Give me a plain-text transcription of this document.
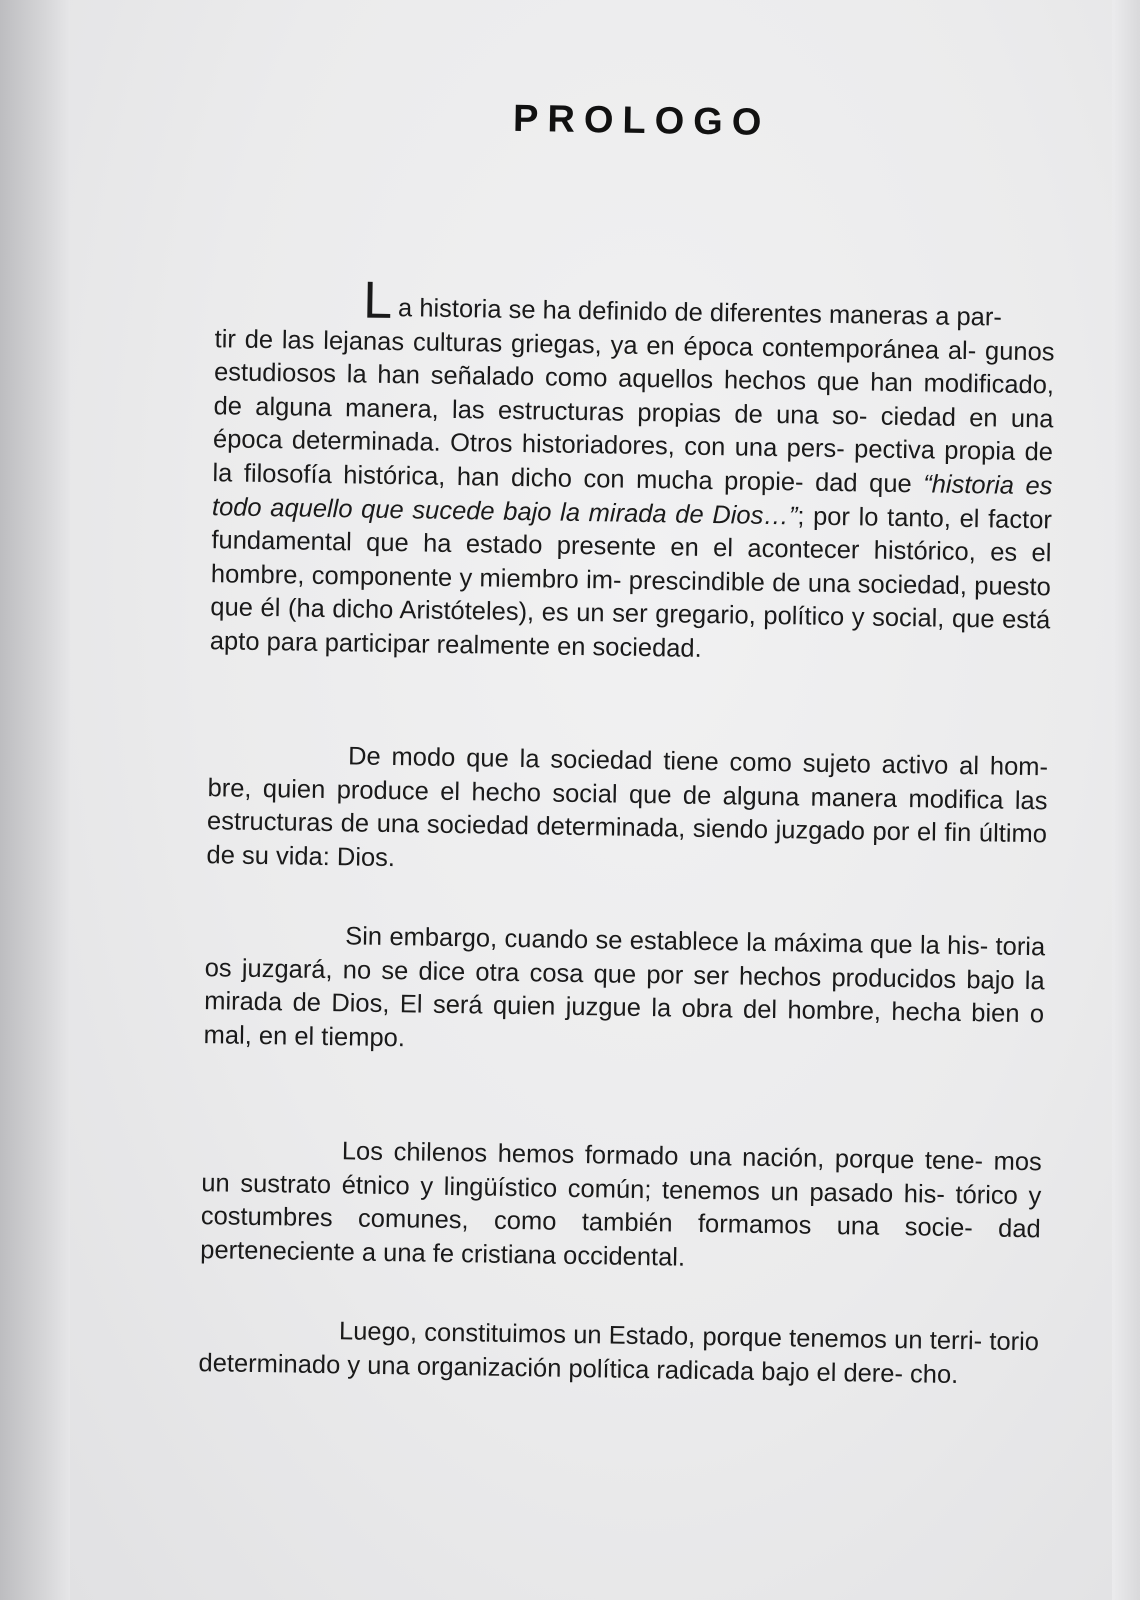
PROLOGO

La historia se ha definido de diferentes maneras a par-
tir de las lejanas culturas griegas, ya en época contemporánea al- gunos estudiosos la han señalado como aquellos hechos que han modificado, de alguna manera, las estructuras propias de una so- ciedad en una época determinada. Otros historiadores, con una pers- pectiva propia de la filosofía histórica, han dicho con mucha propie- dad que “historia es todo aquello que sucede bajo la mirada de Dios…”; por lo tanto, el factor fundamental que ha estado presente en el acontecer histórico, es el hombre, componente y miembro im- prescindible de una sociedad, puesto que él (ha dicho Aristóteles), es un ser gregario, político y social, que está apto para participar realmente en sociedad.

De modo que la sociedad tiene como sujeto activo al hom- bre, quien produce el hecho social que de alguna manera modifica las estructuras de una sociedad determinada, siendo juzgado por el fin último de su vida: Dios.

Sin embargo, cuando se establece la máxima que la his- toria os juzgará, no se dice otra cosa que por ser hechos producidos bajo la mirada de Dios, El será quien juzgue la obra del hombre, hecha bien o mal, en el tiempo.

Los chilenos hemos formado una nación, porque tene- mos un sustrato étnico y lingüístico común; tenemos un pasado his- tórico y costumbres comunes, como también formamos una socie- dad perteneciente a una fe cristiana occidental.

Luego, constituimos un Estado, porque tenemos un terri- torio determinado y una organización política radicada bajo el dere- cho.
